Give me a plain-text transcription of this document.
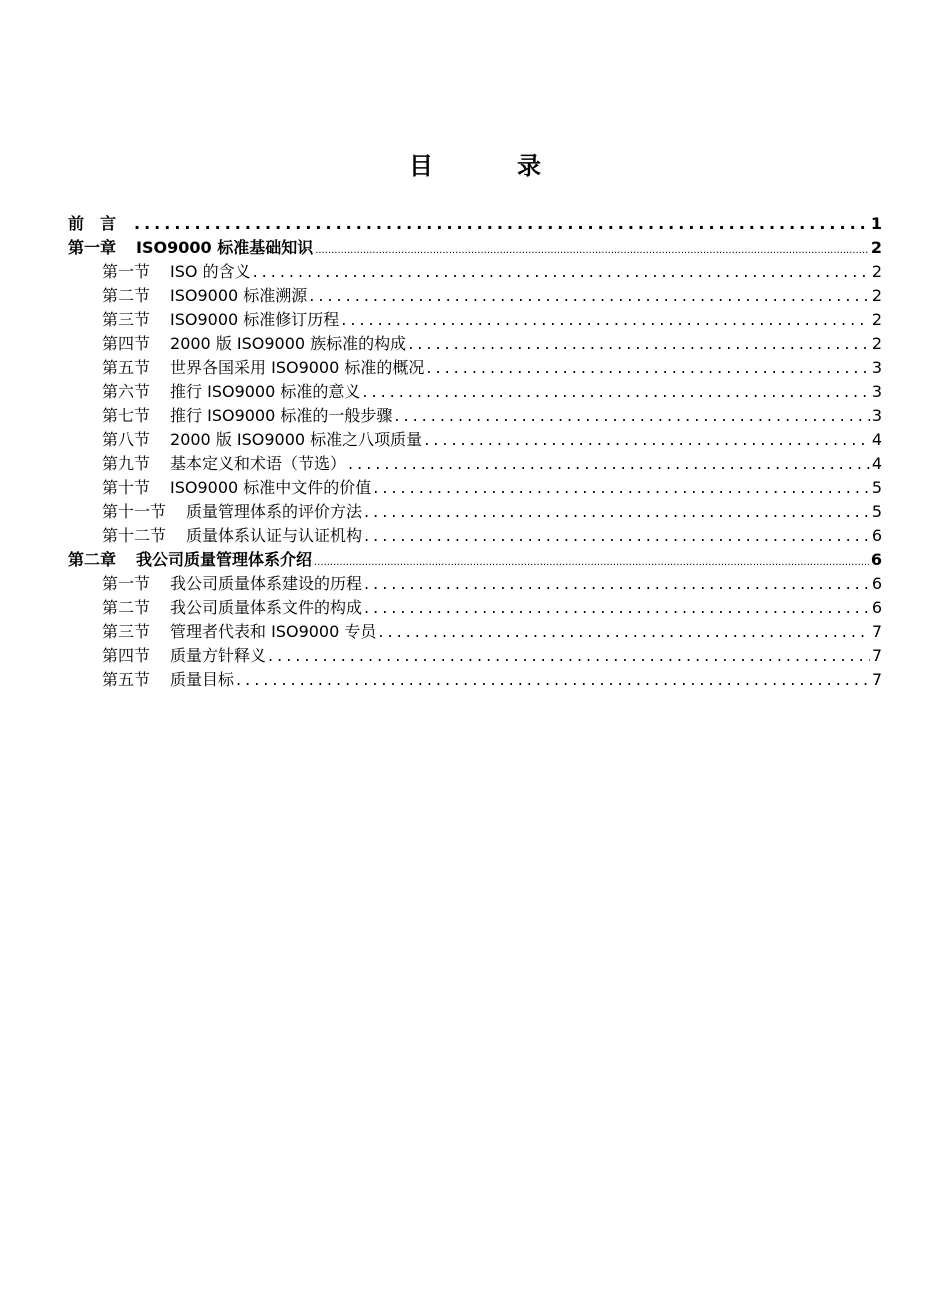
目　录
前言 .....	1
第一章 ISO9000 标准基础知识 .....	2
第一节 ISO 的含义 .....	2
第二节 ISO9000 标准溯源 .....	2
第三节 ISO9000 标准修订历程 .....	2
第四节 2000 版 ISO9000 族标准的构成 .....	2
第五节 世界各国采用 ISO9000 标准的概况 .....	3
第六节 推行 ISO9000 标准的意义 .....	3
第七节 推行 ISO9000 标准的一般步骤 .....	3
第八节 2000 版 ISO9000 标准之八项质量 .....	4
第九节 基本定义和术语（节选） .....	4
第十节 ISO9000 标准中文件的价值 .....	5
第十一节 质量管理体系的评价方法 .....	5
第十二节 质量体系认证与认证机构 .....	6
第二章 我公司质量管理体系介绍 .....	6
第一节 我公司质量体系建设的历程 .....	6
第二节 我公司质量体系文件的构成 .....	6
第三节 管理者代表和 ISO9000 专员 .....	7
第四节 质量方针释义 .....	7
第五节 质量目标 .....	7
